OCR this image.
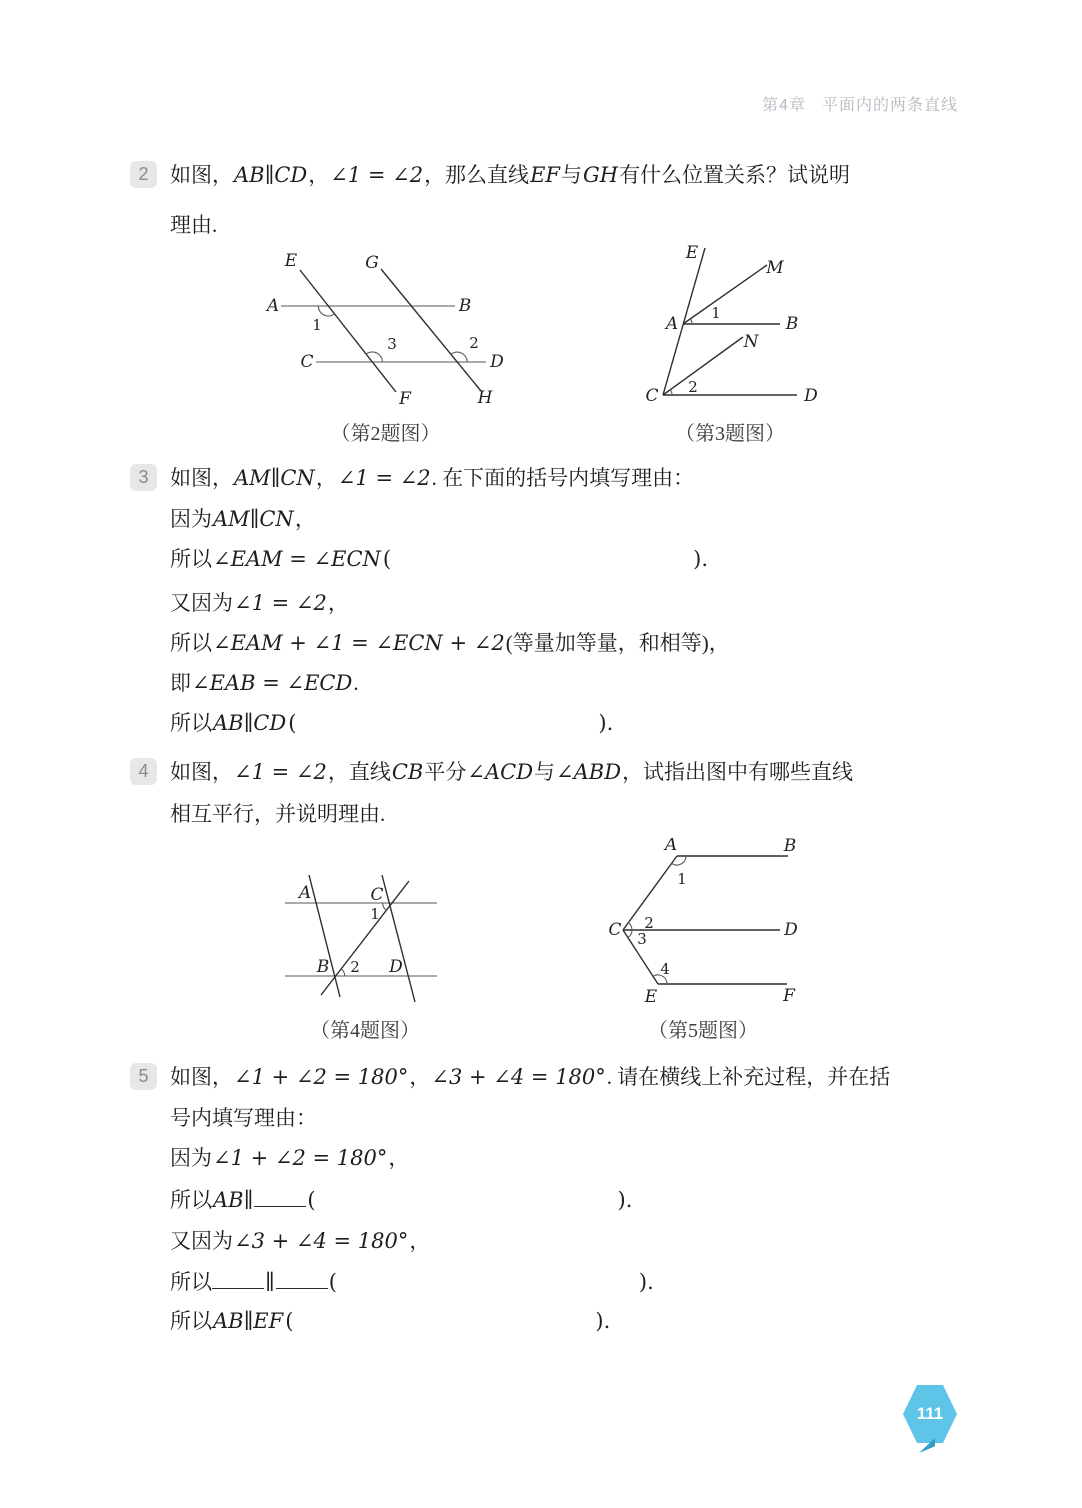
第4章 平面内的两条直线
2	如图，AB∥CD，∠1 = ∠2，那么直线EF与GH有什么位置关系？试说明
理由.
E	G
A	B
C	D
F	H
1
3	2
（第2题图）
E
M
A	B
N
C	D
1
2
（第3题图）
3	如图，AM∥CN，∠1 = ∠2. 在下面的括号内填写理由：
因为AM∥CN，
所以∠EAM = ∠ECN(	).
又因为∠1 = ∠2，
所以∠EAM + ∠1 = ∠ECN + ∠2(等量加等量，和相等)，
即∠EAB = ∠ECD.
所以AB∥CD(	).
4	如图，∠1 = ∠2，直线CB平分∠ACD与∠ABD，试指出图中有哪些直线
相互平行，并说明理由.
A	C
B	D
1
2
（第4题图）
A	B
C	D
E	F
1
2
3
4
（第5题图）
5	如图，∠1 + ∠2 = 180°，∠3 + ∠4 = 180°. 请在横线上补充过程，并在括
号内填写理由：
因为∠1 + ∠2 = 180°，
所以AB∥	(	).
又因为∠3 + ∠4 = 180°，
所以	∥	(	).
所以AB∥EF(	).
111
